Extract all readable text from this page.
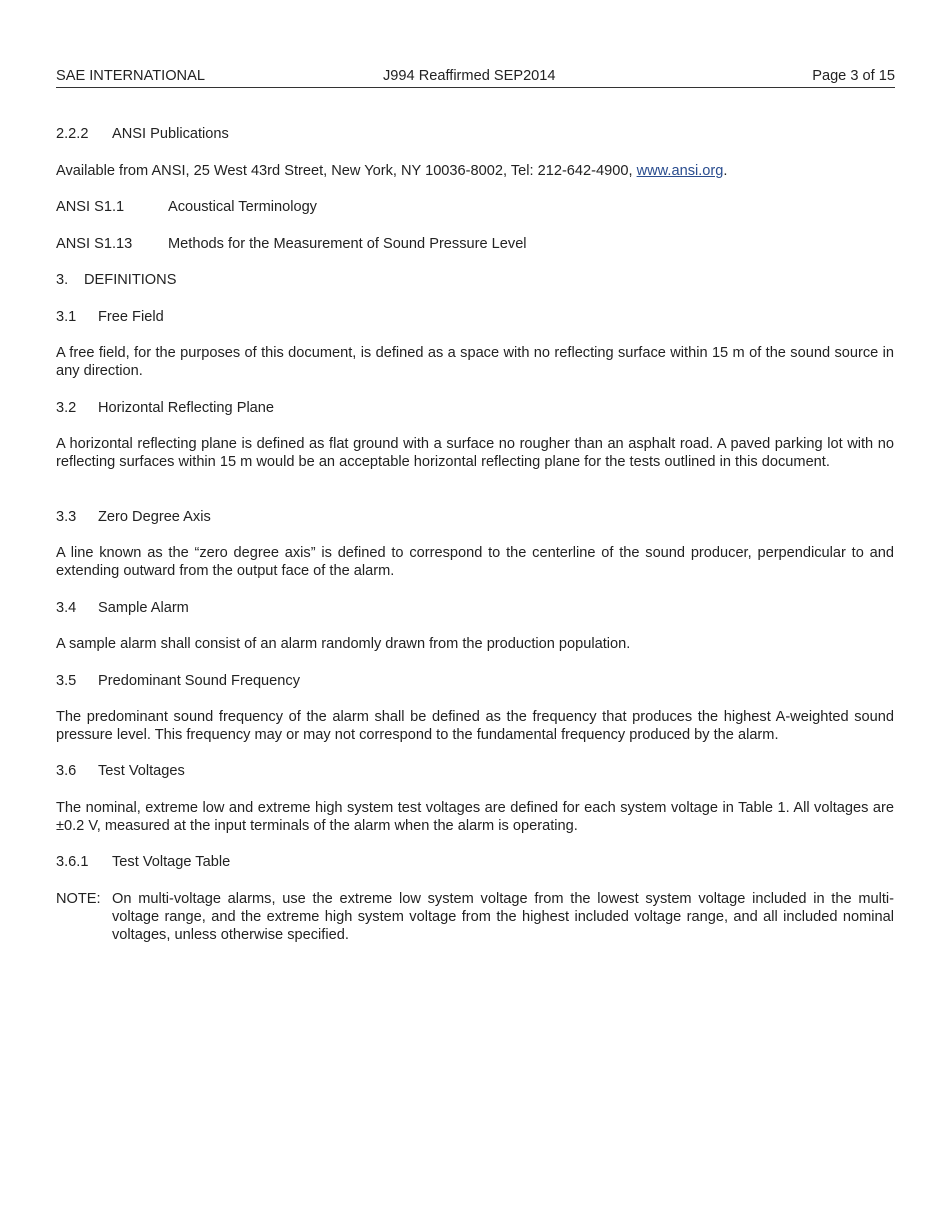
SAE INTERNATIONAL	J994 Reaffirmed SEP2014	Page 3 of 15
2.2.2 ANSI Publications
Available from ANSI, 25 West 43rd Street, New York, NY 10036-8002, Tel: 212-642-4900, www.ansi.org.
ANSI S1.1	Acoustical Terminology
ANSI S1.13 Methods for the Measurement of Sound Pressure Level
3. DEFINITIONS
3.1 Free Field
A free field, for the purposes of this document, is defined as a space with no reflecting surface within 15 m of the sound source in any direction.
3.2 Horizontal Reflecting Plane
A horizontal reflecting plane is defined as flat ground with a surface no rougher than an asphalt road. A paved parking lot with no reflecting surfaces within 15 m would be an acceptable horizontal reflecting plane for the tests outlined in this document.
3.3 Zero Degree Axis
A line known as the “zero degree axis” is defined to correspond to the centerline of the sound producer, perpendicular to and extending outward from the output face of the alarm.
3.4 Sample Alarm
A sample alarm shall consist of an alarm randomly drawn from the production population.
3.5 Predominant Sound Frequency
The predominant sound frequency of the alarm shall be defined as the frequency that produces the highest A-weighted sound pressure level. This frequency may or may not correspond to the fundamental frequency produced by the alarm.
3.6 Test Voltages
The nominal, extreme low and extreme high system test voltages are defined for each system voltage in Table 1. All voltages are ±0.2 V, measured at the input terminals of the alarm when the alarm is operating.
3.6.1 Test Voltage Table
NOTE: On multi-voltage alarms, use the extreme low system voltage from the lowest system voltage included in the multi-voltage range, and the extreme high system voltage from the highest included voltage range, and all included nominal voltages, unless otherwise specified.
